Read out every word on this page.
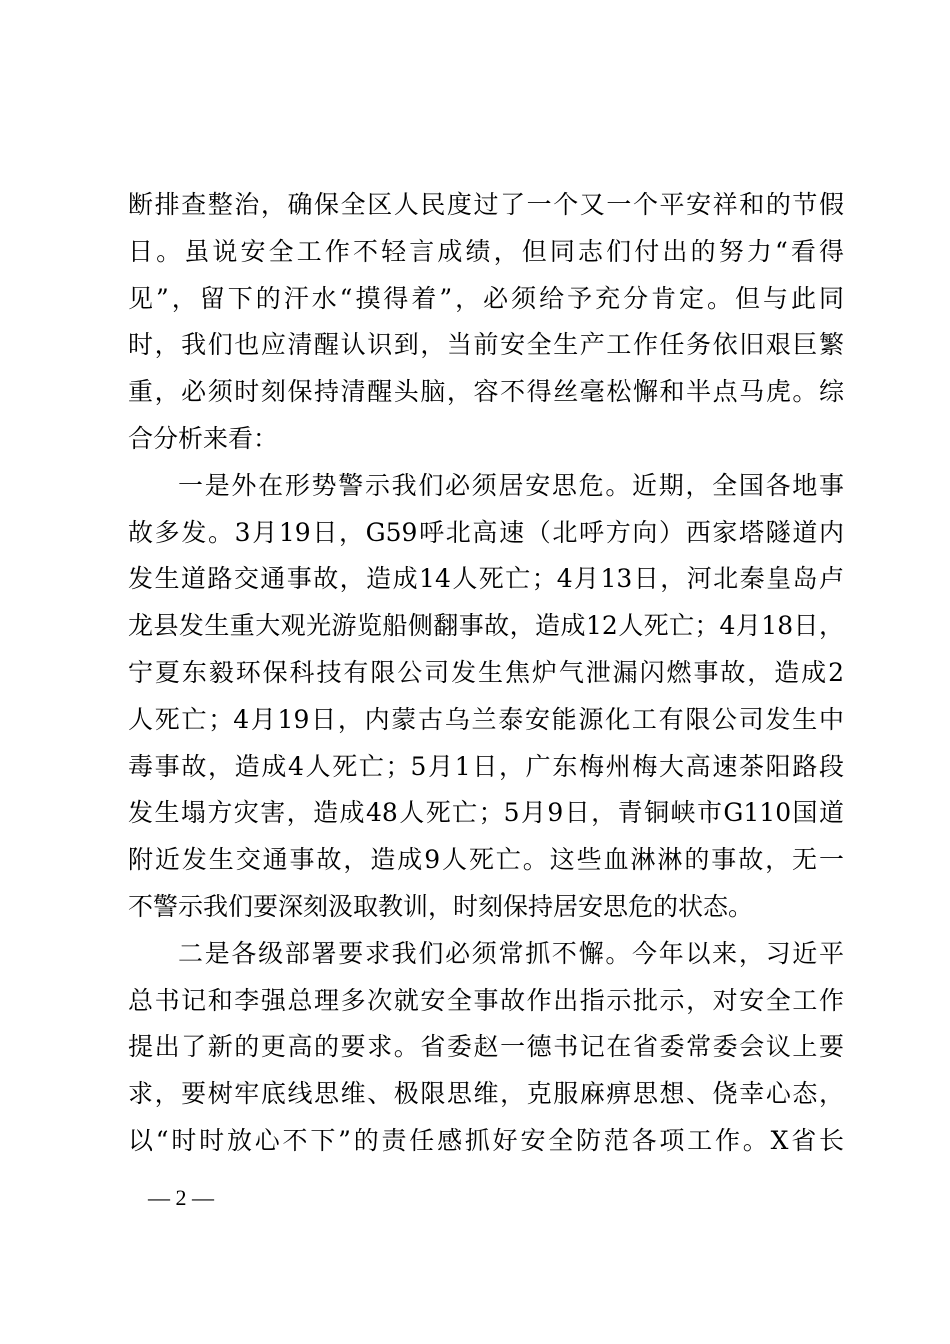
断排查整治，确保全区人民度过了一个又一个平安祥和的节假
日。虽说安全工作不轻言成绩，但同志们付出的努力“看得
见”，留下的汗水“摸得着”，必须给予充分肯定。但与此同
时，我们也应清醒认识到，当前安全生产工作任务依旧艰巨繁
重，必须时刻保持清醒头脑，容不得丝毫松懈和半点马虎。综
合分析来看：
一是外在形势警示我们必须居安思危。近期，全国各地事
故多发。3月19日，G59呼北高速（北呼方向）西家塔隧道内
发生道路交通事故，造成14人死亡；4月13日，河北秦皇岛卢
龙县发生重大观光游览船侧翻事故，造成12人死亡；4月18日，
宁夏东毅环保科技有限公司发生焦炉气泄漏闪燃事故，造成2
人死亡；4月19日，内蒙古乌兰泰安能源化工有限公司发生中
毒事故，造成4人死亡；5月1日，广东梅州梅大高速茶阳路段
发生塌方灾害，造成48人死亡；5月9日，青铜峡市G110国道
附近发生交通事故，造成9人死亡。这些血淋淋的事故，无一
不警示我们要深刻汲取教训，时刻保持居安思危的状态。
二是各级部署要求我们必须常抓不懈。今年以来，习近平
总书记和李强总理多次就安全事故作出指示批示，对安全工作
提出了新的更高的要求。省委赵一德书记在省委常委会议上要
求，要树牢底线思维、极限思维，克服麻痹思想、侥幸心态，
以“时时放心不下”的责任感抓好安全防范各项工作。X省长
— 2 —
